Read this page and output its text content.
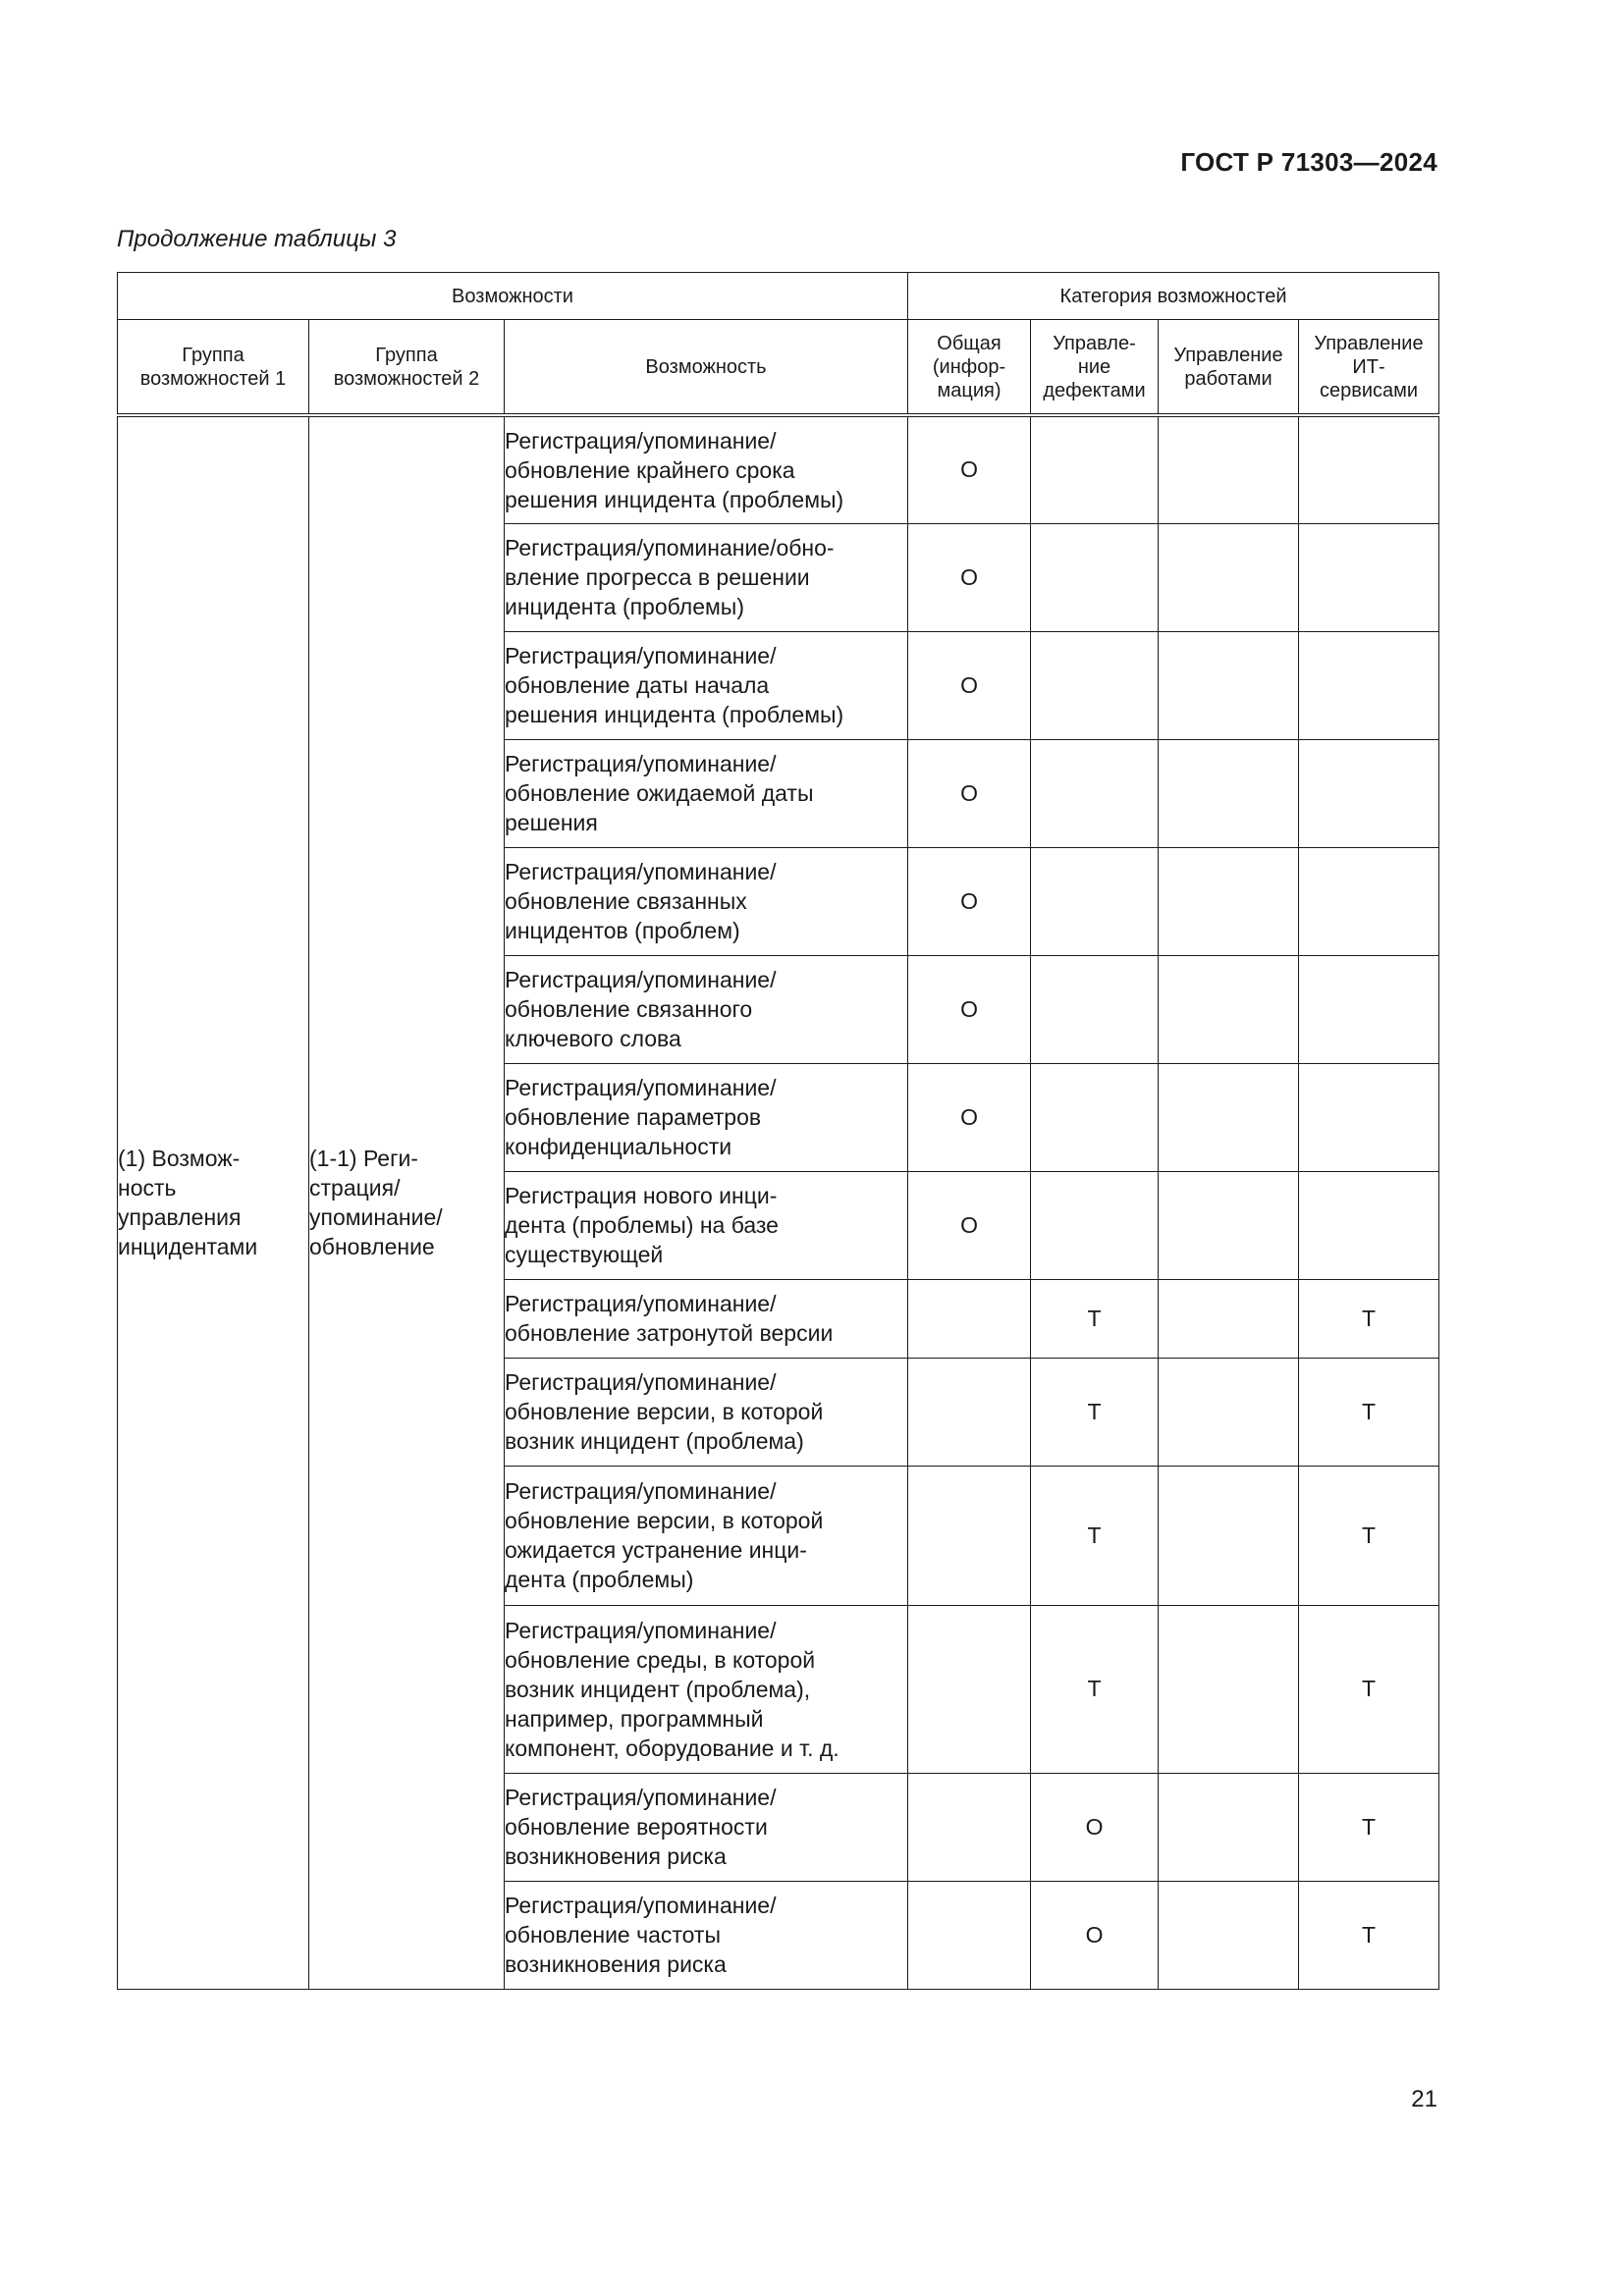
ГОСТ Р 71303—2024
Продолжение таблицы 3
Возможности			Категория возможностей			

Группа
возможностей 1	Группа
возможностей 2	Возможность	Общая
(инфор-
мация)	Управле-
ние
дефектами	Управление
работами	Управление
ИТ-
сервисами

(1) Возмож-
ность
управления
инцидентами	(1-1) Реги-
страция/
упоминание/
обновление	Регистрация/упоминание/
обновление крайнего срока
решения инцидента (проблемы)	О			

		Регистрация/упоминание/обно-
вление прогресса в решении
инцидента (проблемы)	О			

		Регистрация/упоминание/
обновление даты начала
решения инцидента (проблемы)	О			

		Регистрация/упоминание/
обновление ожидаемой даты
решения	О			

		Регистрация/упоминание/
обновление связанных
инцидентов (проблем)	О			

		Регистрация/упоминание/
обновление связанного
ключевого слова	О			

		Регистрация/упоминание/
обновление параметров
конфиденциальности	О			

		Регистрация нового инци-
дента (проблемы) на базе
существующей	О			

		Регистрация/упоминание/
обновление затронутой версии		Т		Т

		Регистрация/упоминание/
обновление версии, в которой
возник инцидент (проблема)		Т		Т

		Регистрация/упоминание/
обновление версии, в которой
ожидается устранение инци-
дента (проблемы)		Т		Т

		Регистрация/упоминание/
обновление среды, в которой
возник инцидент (проблема),
например, программный
компонент, оборудование и т. д.		Т		Т

		Регистрация/упоминание/
обновление вероятности
возникновения риска		О		Т

		Регистрация/упоминание/
обновление частоты
возникновения риска		О		Т
21
